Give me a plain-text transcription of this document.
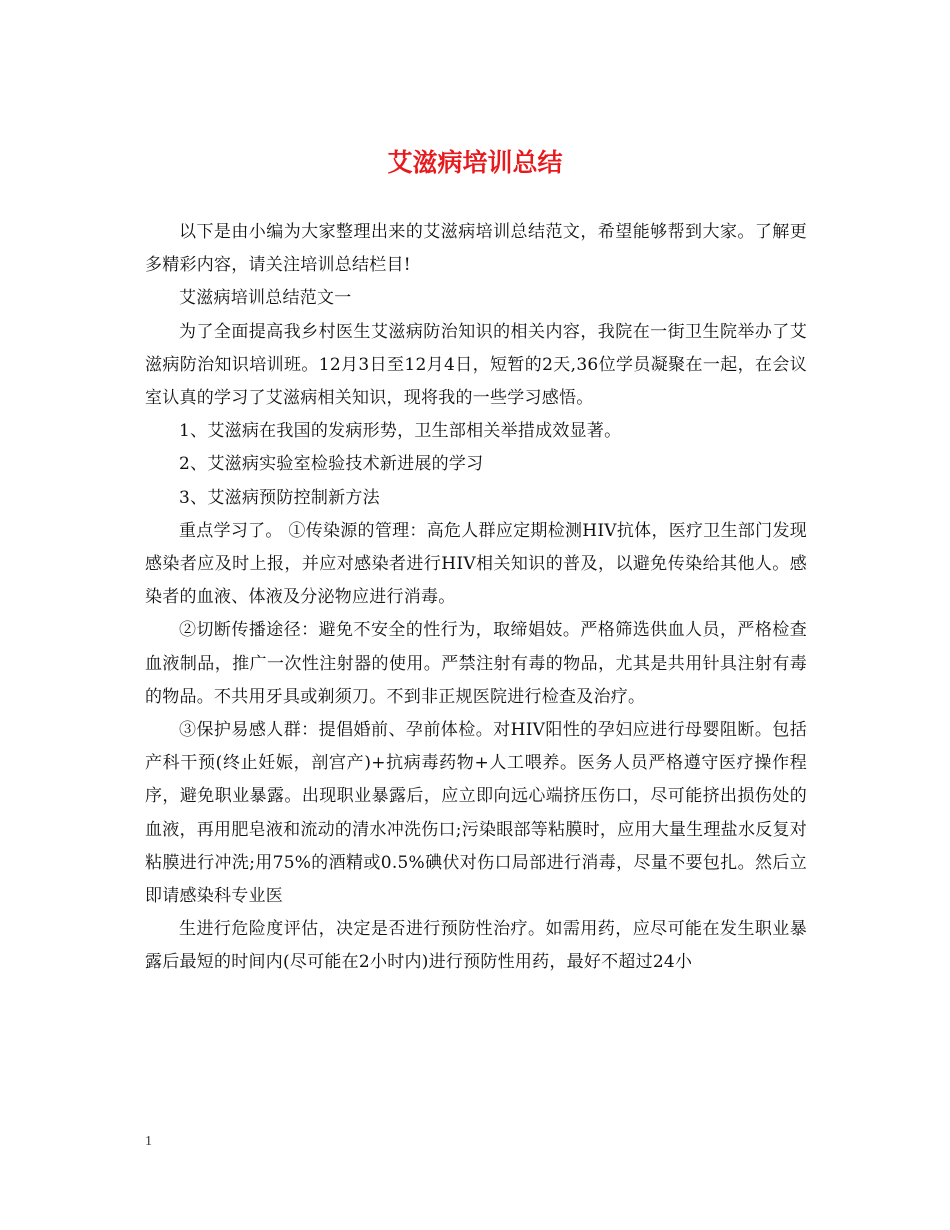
艾滋病培训总结

以下是由小编为大家整理出来的艾滋病培训总结范文，希望能够帮到大家。了解更多精彩内容，请关注培训总结栏目!

艾滋病培训总结范文一

为了全面提高我乡村医生艾滋病防治知识的相关内容，我院在一街卫生院举办了艾滋病防治知识培训班。12月3日至12月4日，短暂的2天,36位学员凝聚在一起，在会议室认真的学习了艾滋病相关知识，现将我的一些学习感悟。

1、艾滋病在我国的发病形势，卫生部相关举措成效显著。

2、艾滋病实验室检验技术新进展的学习

3、艾滋病预防控制新方法

重点学习了。 ①传染源的管理：高危人群应定期检测HIV抗体，医疗卫生部门发现感染者应及时上报，并应对感染者进行HIV相关知识的普及，以避免传染给其他人。感染者的血液、体液及分泌物应进行消毒。

②切断传播途径：避免不安全的性行为，取缔娼妓。严格筛选供血人员，严格检查血液制品，推广一次性注射器的使用。严禁注射有毒的物品，尤其是共用针具注射有毒的物品。不共用牙具或剃须刀。不到非正规医院进行检查及治疗。

③保护易感人群：提倡婚前、孕前体检。对HIV阳性的孕妇应进行母婴阻断。包括产科干预(终止妊娠，剖宫产)+抗病毒药物+人工喂养。医务人员严格遵守医疗操作程序，避免职业暴露。出现职业暴露后，应立即向远心端挤压伤口，尽可能挤出损伤处的血液，再用肥皂液和流动的清水冲洗伤口;污染眼部等粘膜时，应用大量生理盐水反复对粘膜进行冲洗;用75%的酒精或0.5%碘伏对伤口局部进行消毒，尽量不要包扎。然后立即请感染科专业医

生进行危险度评估，决定是否进行预防性治疗。如需用药，应尽可能在发生职业暴露后最短的时间内(尽可能在2小时内)进行预防性用药，最好不超过24小

1
